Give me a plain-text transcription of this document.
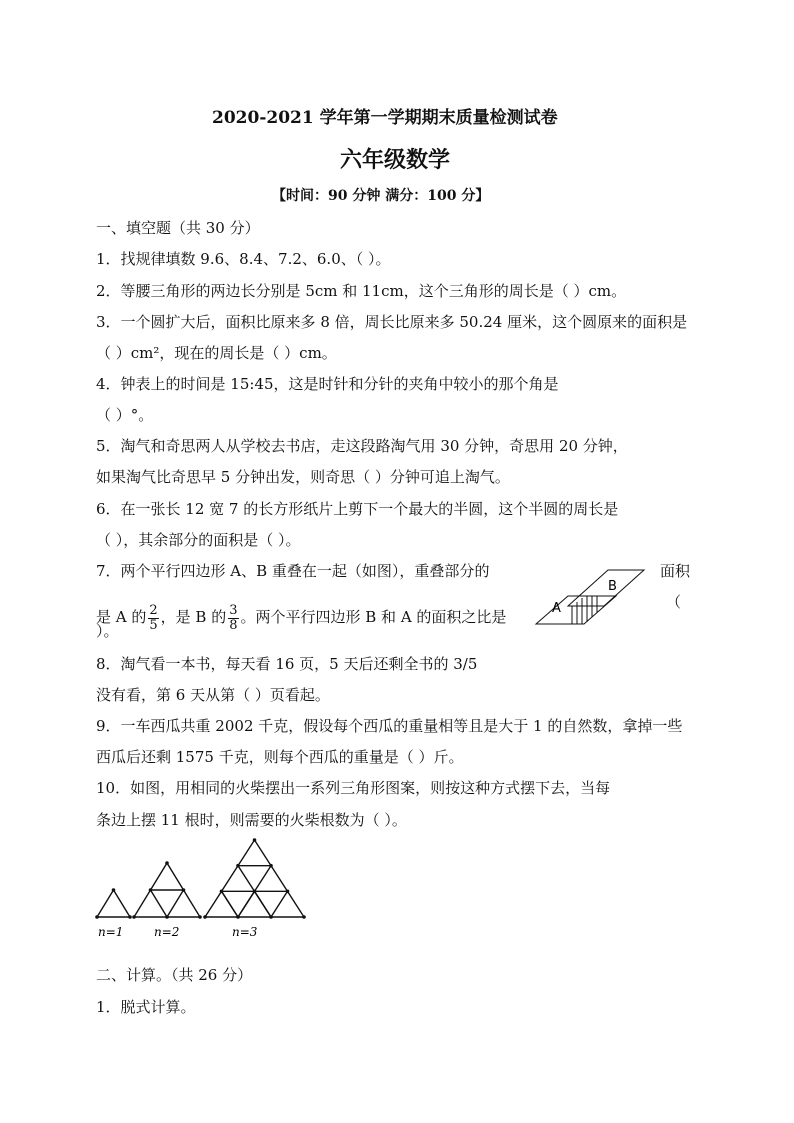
2020-2021 学年第一学期期末质量检测试卷
六年级数学
【时间：90 分钟 满分：100 分】
一、填空题（共 30 分）
1．找规律填数 9.6、8.4、7.2、6.0、（ ）。
2．等腰三角形的两边长分别是 5cm 和 11cm，这个三角形的周长是（ ）cm。
3．一个圆扩大后，面积比原来多 8 倍，周长比原来多 50.24 厘米，这个圆原来的面积是
（ ）cm²，现在的周长是（ ）cm。
4．钟表上的时间是 15:45，这是时针和分针的夹角中较小的那个角是
（ ）°。
5．淘气和奇思两人从学校去书店，走这段路淘气用 30 分钟，奇思用 20 分钟，
如果淘气比奇思早 5 分钟出发，则奇思（ ）分钟可追上淘气。
6．在一张长 12 宽 7 的长方形纸片上剪下一个最大的半圆，这个半圆的周长是
（ ），其余部分的面积是（ ）。
7．两个平行四边形 A、B 重叠在一起（如图），重叠部分的	面积
是 A 的 $\frac{2}{5}$ ，是 B 的 $\frac{3}{8}$ 。两个平行四边形 B 和 A 的面积之比是
（
）。
A
B
8．淘气看一本书，每天看 16 页，5 天后还剩全书的 3/5
没有看，第 6 天从第（ ）页看起。
9．一车西瓜共重 2002 千克，假设每个西瓜的重量相等且是大于 1 的自然数，拿掉一些
西瓜后还剩 1575 千克，则每个西瓜的重量是（ ）斤。
10．如图，用相同的火柴摆出一系列三角形图案，则按这种方式摆下去，当每
条边上摆 11 根时，则需要的火柴根数为（ ）。
n=1	n=2	n=3
二、计算。（共 26 分）
1．脱式计算。
